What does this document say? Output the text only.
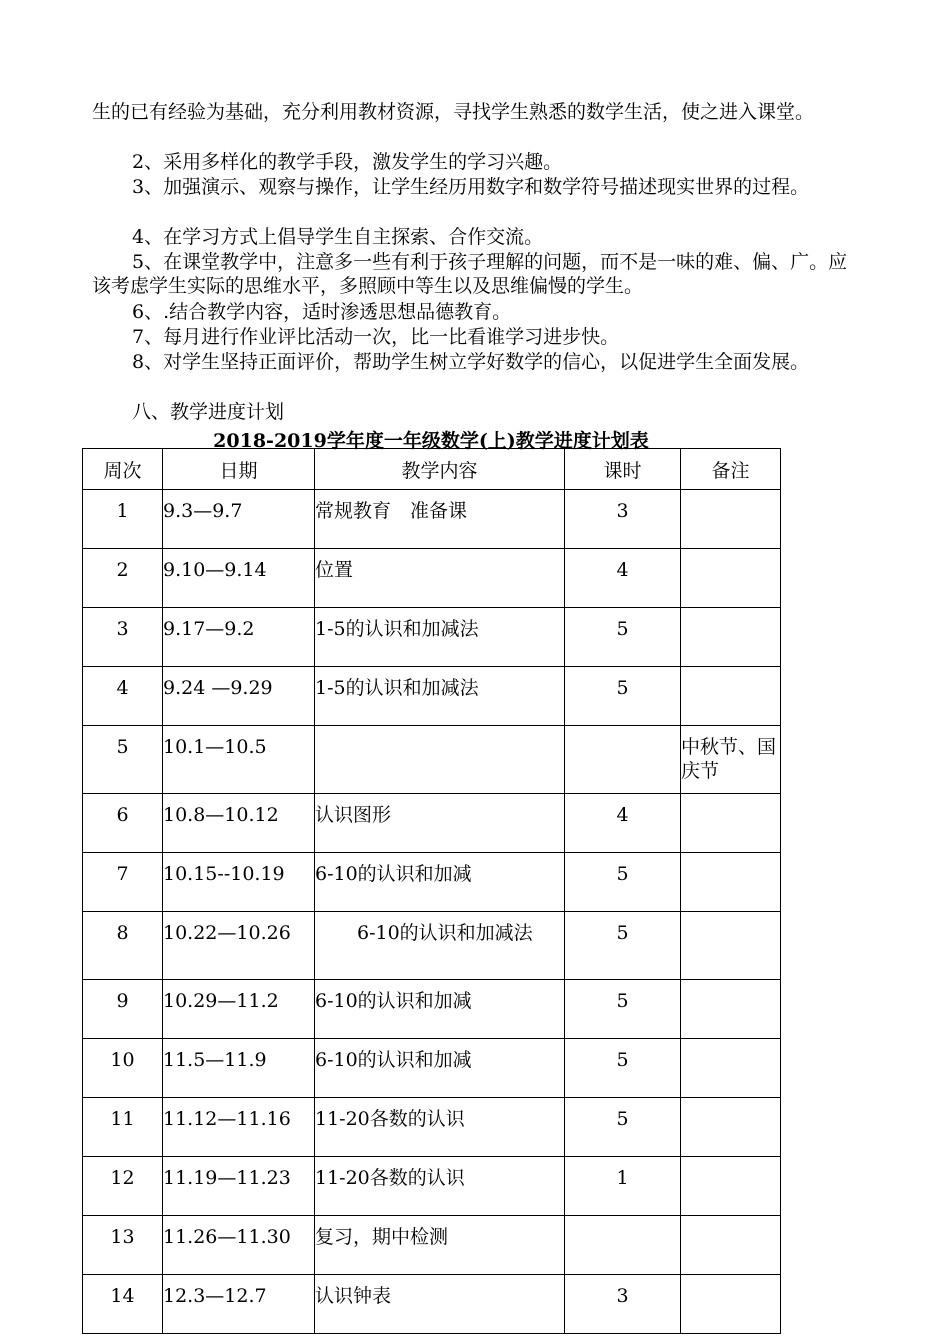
生的已有经验为基础，充分利用教材资源，寻找学生熟悉的数学生活，使之进入课堂。

2、采用多样化的教学手段，激发学生的学习兴趣。

3、加强演示、观察与操作，让学生经历用数字和数学符号描述现实世界的过程。

4、在学习方式上倡导学生自主探索、合作交流。

5、在课堂教学中，注意多一些有利于孩子理解的问题，而不是一味的难、偏、广。应该考虑学生实际的思维水平，多照顾中等生以及思维偏慢的学生。

6、.结合教学内容，适时渗透思想品德教育。

7、每月进行作业评比活动一次，比一比看谁学习进步快。

8、对学生坚持正面评价，帮助学生树立学好数学的信心，以促进学生全面发展。

八、教学进度计划

2018-2019学年度一年级数学(上)教学进度计划表

周次	日期	教学内容	课时	备注
1	9.3—9.7	常规教育　准备课	3	
2	9.10—9.14	位置	4	
3	9.17—9.2	1-5的认识和加减法	5	
4	9.24 —9.29	1-5的认识和加减法	5	
5	10.1—10.5			中秋节、国庆节
6	10.8—10.12	认识图形	4	
7	10.15--10.19	6-10的认识和加减	5	
8	10.22—10.26	6-10的认识和加减法	5	
9	10.29—11.2	6-10的认识和加减	5	
10	11.5—11.9	6-10的认识和加减	5	
11	11.12—11.16	11-20各数的认识	5	
12	11.19—11.23	11-20各数的认识	1	
13	11.26—11.30	复习，期中检测		
14	12.3—12.7	认识钟表	3	
